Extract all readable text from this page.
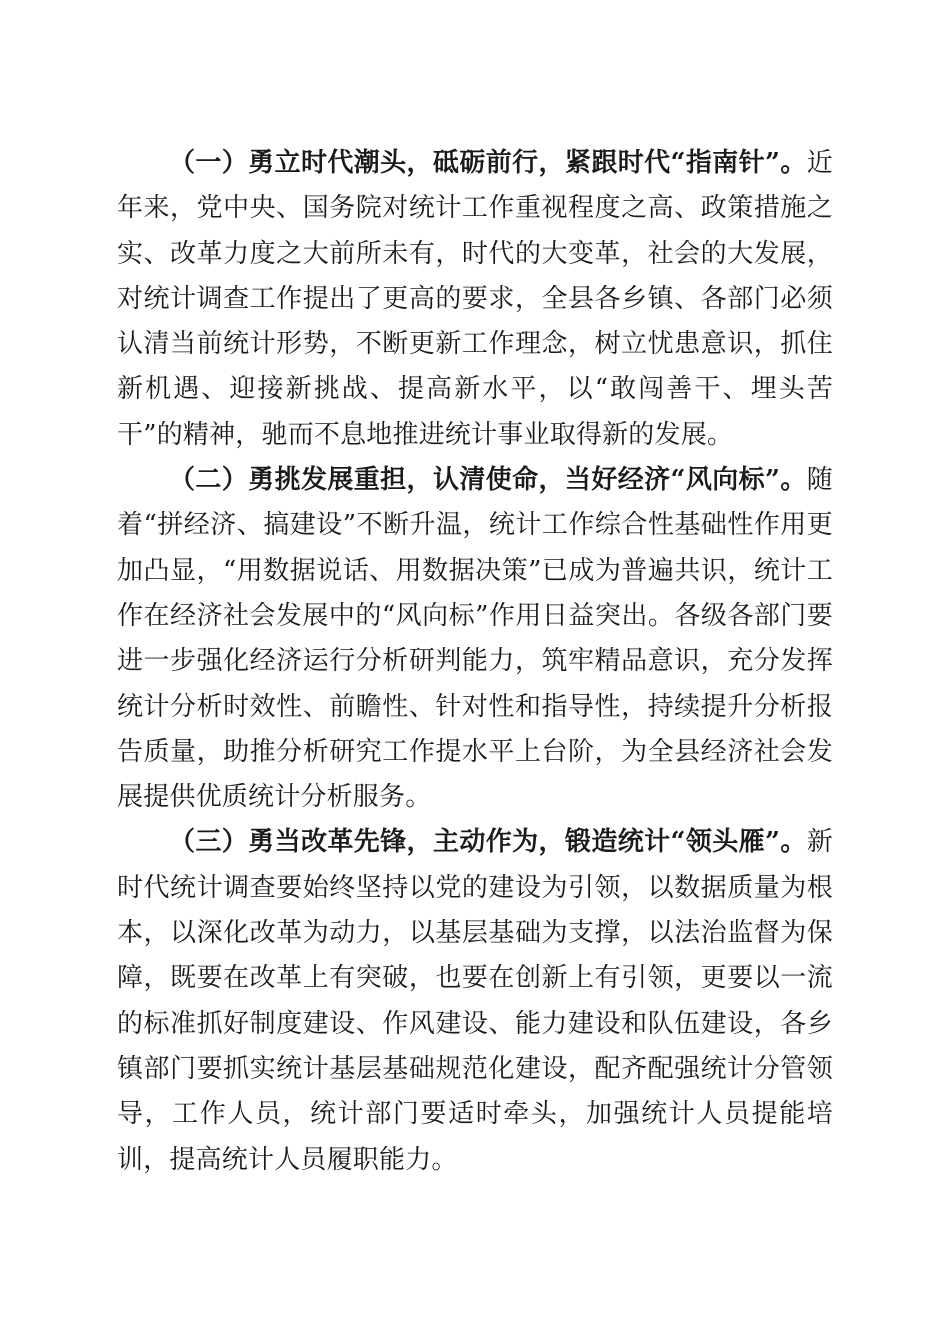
（一）勇立时代潮头，砥砺前行，紧跟时代“指南针”。近年来，党中央、国务院对统计工作重视程度之高、政策措施之实、改革力度之大前所未有，时代的大变革，社会的大发展，对统计调查工作提出了更高的要求，全县各乡镇、各部门必须认清当前统计形势，不断更新工作理念，树立忧患意识，抓住新机遇、迎接新挑战、提高新水平，以“敢闯善干、埋头苦干”的精神，驰而不息地推进统计事业取得新的发展。

（二）勇挑发展重担，认清使命，当好经济“风向标”。随着“拼经济、搞建设”不断升温，统计工作综合性基础性作用更加凸显，“用数据说话、用数据决策”已成为普遍共识，统计工作在经济社会发展中的“风向标”作用日益突出。各级各部门要进一步强化经济运行分析研判能力，筑牢精品意识，充分发挥统计分析时效性、前瞻性、针对性和指导性，持续提升分析报告质量，助推分析研究工作提水平上台阶，为全县经济社会发展提供优质统计分析服务。

（三）勇当改革先锋，主动作为，锻造统计“领头雁”。新时代统计调查要始终坚持以党的建设为引领，以数据质量为根本，以深化改革为动力，以基层基础为支撑，以法治监督为保障，既要在改革上有突破，也要在创新上有引领，更要以一流的标准抓好制度建设、作风建设、能力建设和队伍建设，各乡镇部门要抓实统计基层基础规范化建设，配齐配强统计分管领导，工作人员，统计部门要适时牵头，加强统计人员提能培训，提高统计人员履职能力。
